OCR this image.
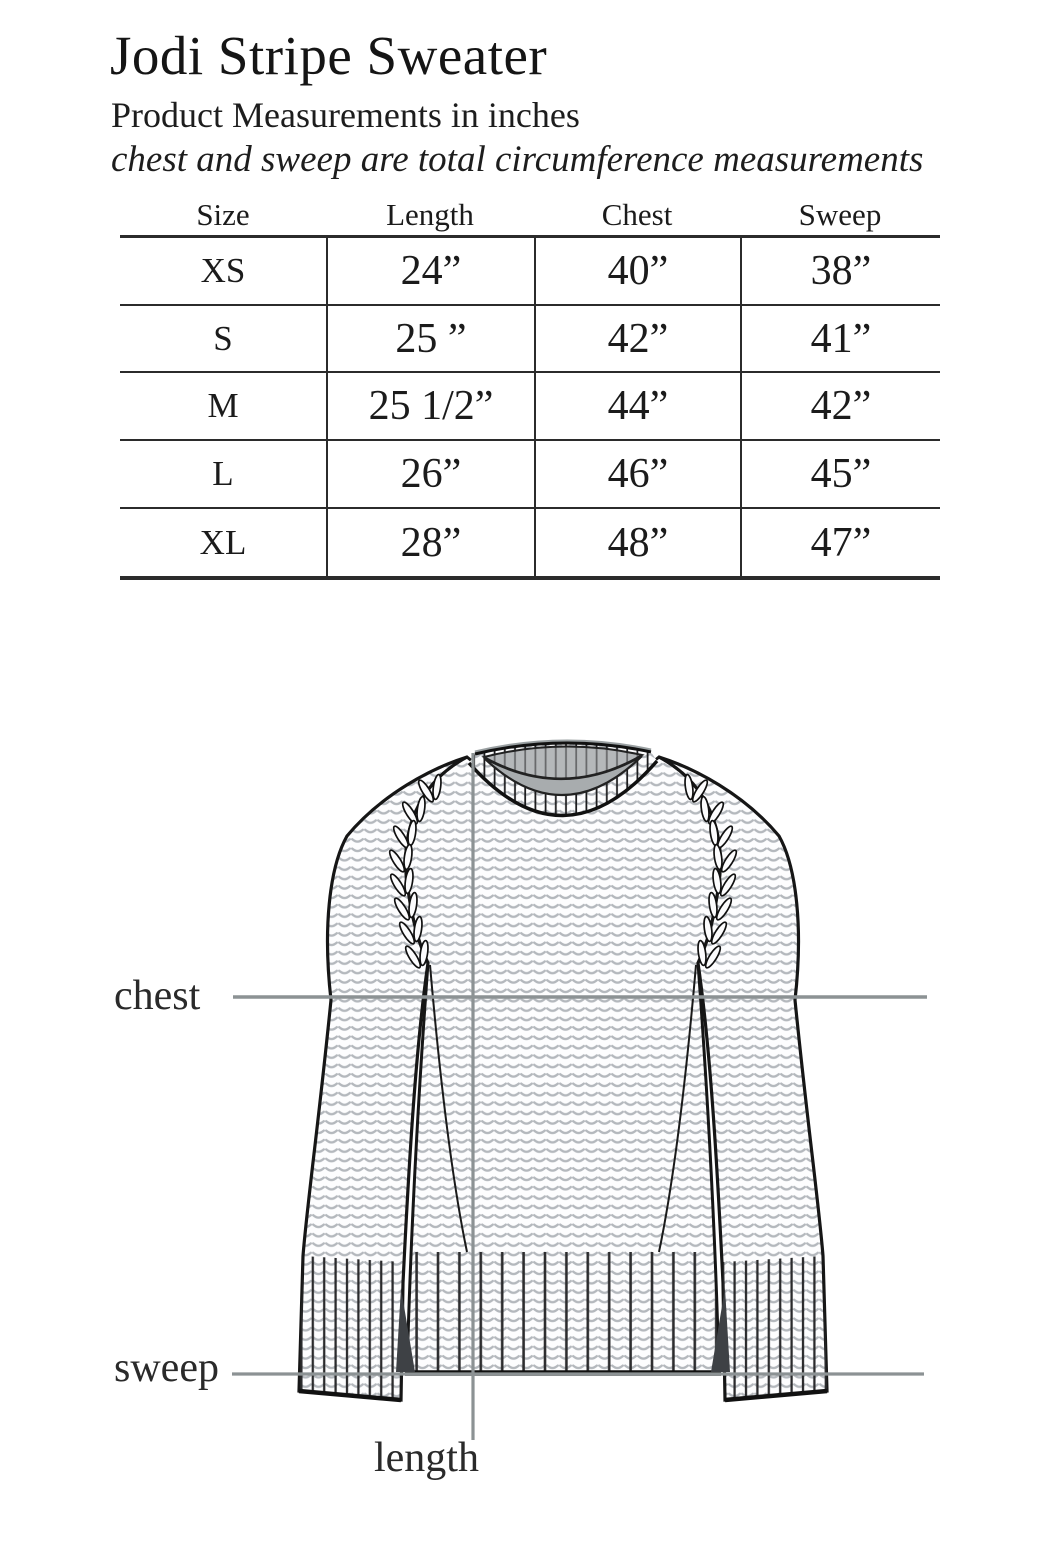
Jodi Stripe Sweater
Product Measurements in inches
chest and sweep are total circumference measurements
Size	Length	Chest	Sweep
XS	24”	40”	38”
S	25 ”	42”	41”
M	25 1/2”	44”	42”
L	26”	46”	45”
XL	28”	48”	47”
chest
sweep
length
